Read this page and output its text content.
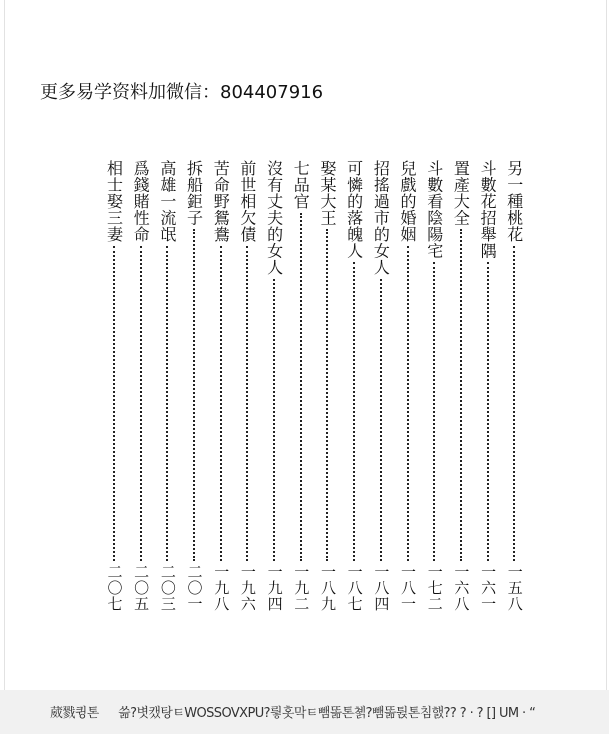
更多易学资料加微信：804407916
另一種桃花
一五八
斗數花招舉隅
一六一
置產大全
一六八
斗數看陰陽宅
一七二
兒戲的婚姻
一八一
招搖過市的女人
一八四
可憐的落魄人
一八七
娶某大王
一八九
七品官
一九二
沒有丈夫的女人
一九四
前世相欠債
一九六
苦命野鴛鴦
一九八
拆船鉅子
二〇一
高雄一流氓
二〇三
爲錢賭性命
二〇五
相士娶三妻
二〇七
葳戮큉톤 　 쓺?볏캤탕ㅌWOSSOVXPU?릫홋막ㅌ뺌똚톤쳵?뺌똚튅톤침햀?? ? · ? [] UM · “
